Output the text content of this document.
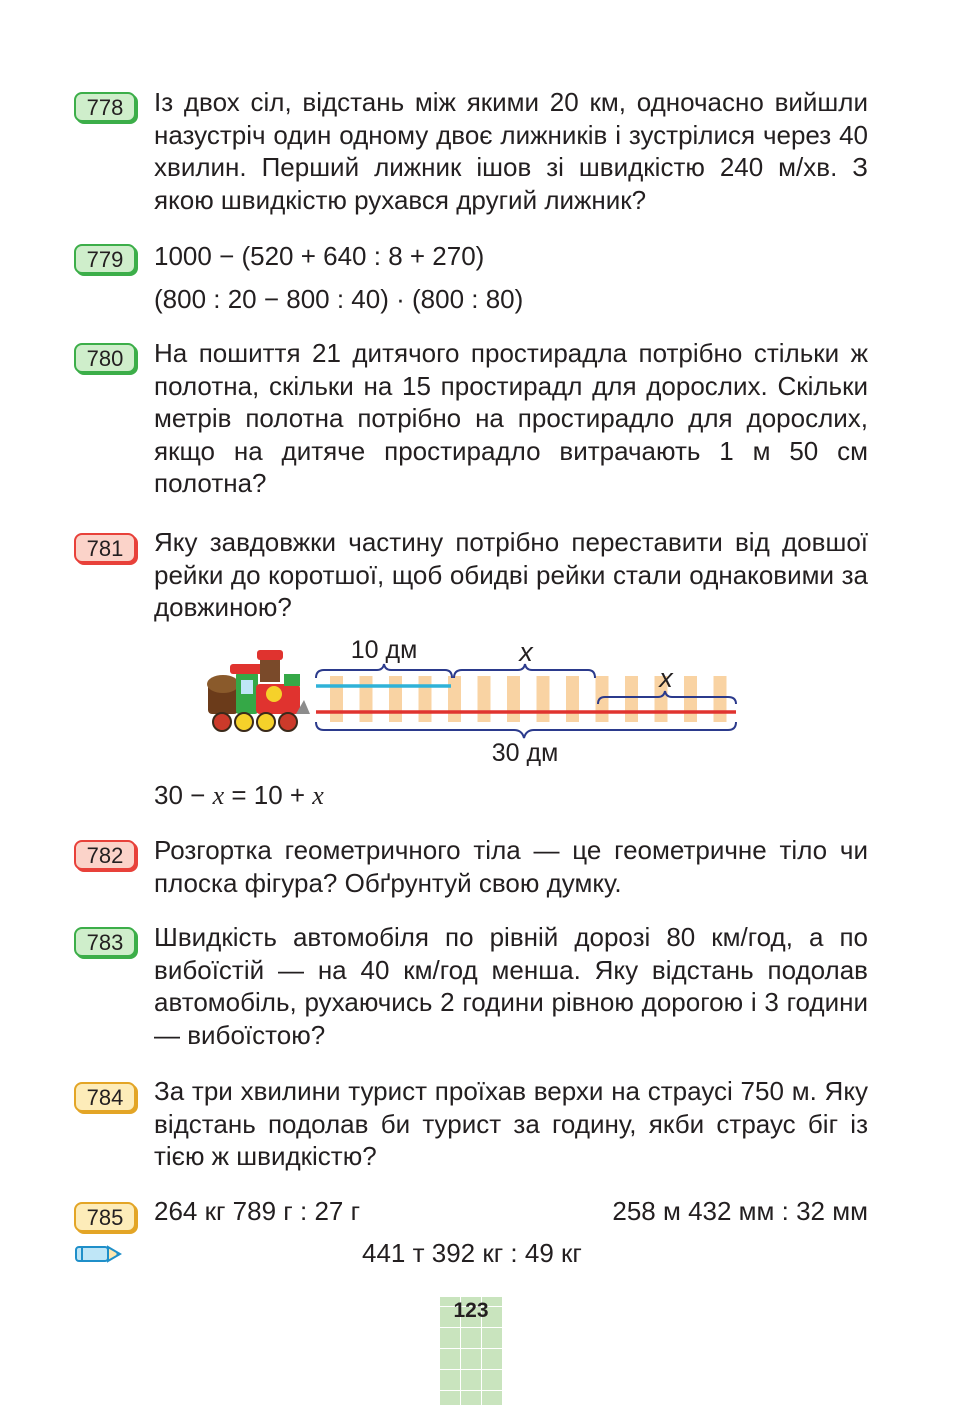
778	Із двох сіл, відстань між якими 20 км, одночасно вийшли назустріч один одному двоє лижників і зустрілися через 40 хвилин. Перший лижник ішов зі швидкістю 240 м/хв. З якою швидкістю рухався другий лижник?

779	1000 − (520 + 640 : 8 + 270)
(800 : 20 − 800 : 40) · (800 : 80)
780	На пошиття 21 дитячого простирадла потрібно стільки ж полотна, скільки на 15 простирадл для дорослих. Скільки метрів полотна потрібно на простирадло для дорослих, якщо на дитяче простирадло витрачають 1 м 50 см полотна?

781	Яку завдовжки частину потрібно переставити від довшої рейки до коротшої, щоб обидві рейки стали однаковими за довжиною?

10 дм	x
x
30 дм
30 − x = 10 + x
782	Розгортка геометричного тіла — це геометричне тіло чи плоска фігура? Обґрунтуй свою думку.

783	Швидкість автомобіля по рівній дорозі 80 км/год, а по вибоїстій — на 40 км/год менша. Яку відстань подолав автомобіль, рухаючись 2 години рівною дорогою і 3 години — вибоїстою?

784	За три хвилини турист проїхав верхи на страусі 750 м. Яку відстань подолав би турист за годину, якби страус біг із тією ж швидкістю?

785	264 кг 789 г : 27 г	258 м 432 мм : 32 мм
441 т 392 кг : 49 кг
123
